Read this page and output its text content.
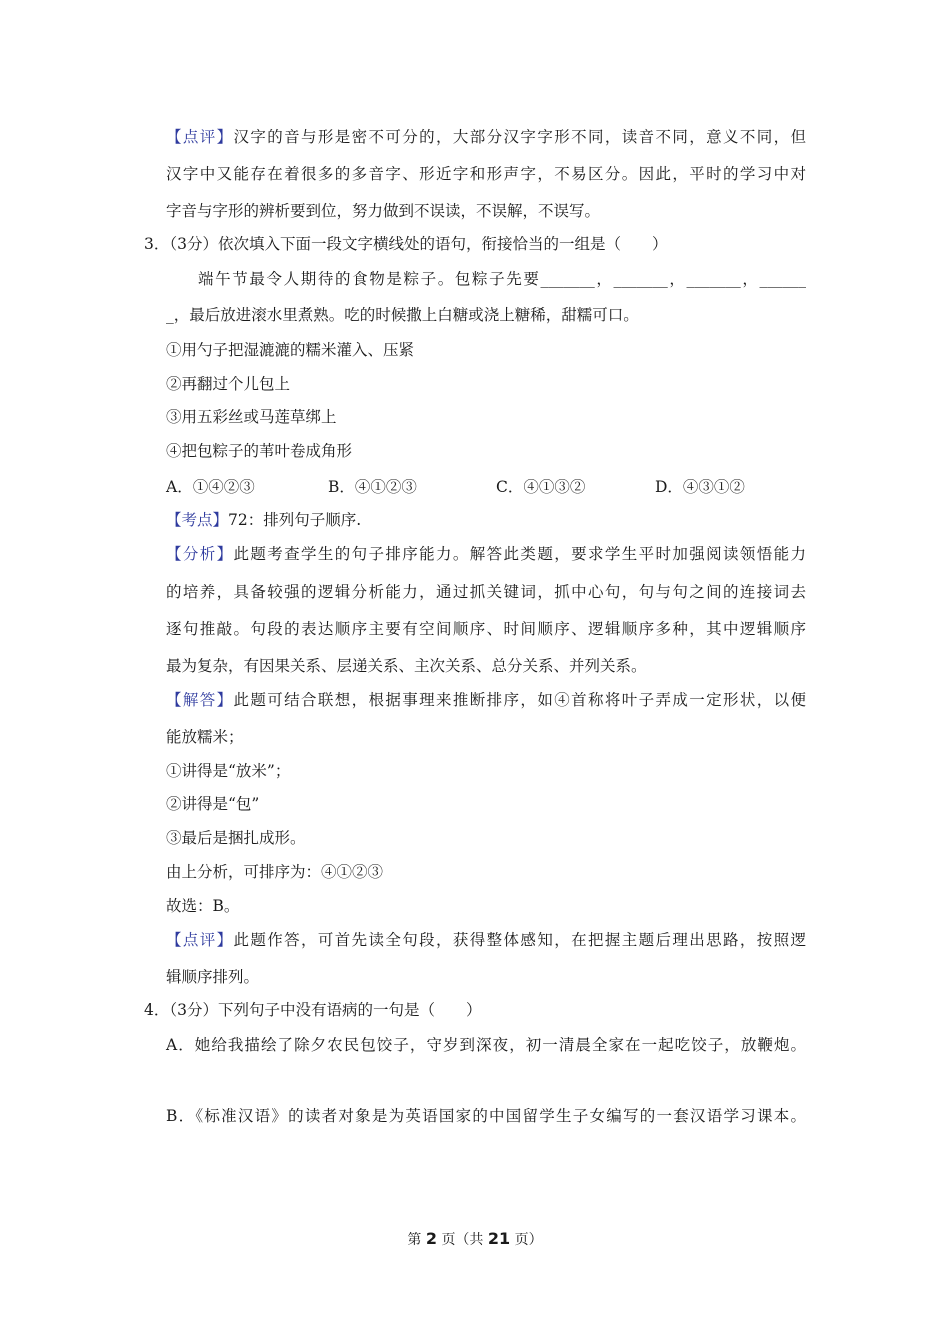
【点评】汉字的音与形是密不可分的，大部分汉字字形不同，读音不同，意义不同，但
汉字中又能存在着很多的多音字、形近字和形声字，不易区分。因此，平时的学习中对
字音与字形的辨析要到位，努力做到不误读，不误解，不误写。
3．（3分）依次填入下面一段文字横线处的语句，衔接恰当的一组是（　　）
端午节最令人期待的食物是粽子。包粽子先要_______，_______，_______，______
_，最后放进滚水里煮熟。吃的时候撒上白糖或浇上糖稀，甜糯可口。
①用勺子把湿漉漉的糯米灌入、压紧
②再翻过个儿包上
③用五彩丝或马莲草绑上
④把包粽子的苇叶卷成角形
A．①④②③	B．④①②③	C．④①③②	D．④③①②
【考点】72：排列句子顺序.
【分析】此题考查学生的句子排序能力。解答此类题，要求学生平时加强阅读领悟能力
的培养，具备较强的逻辑分析能力，通过抓关键词，抓中心句，句与句之间的连接词去
逐句推敲。句段的表达顺序主要有空间顺序、时间顺序、逻辑顺序多种，其中逻辑顺序
最为复杂，有因果关系、层递关系、主次关系、总分关系、并列关系。
【解答】此题可结合联想，根据事理来推断排序，如④首称将叶子弄成一定形状，以便
能放糯米；
①讲得是“放米”；
②讲得是“包”
③最后是捆扎成形。
由上分析，可排序为：④①②③
故选：B。
【点评】此题作答，可首先读全句段，获得整体感知，在把握主题后理出思路，按照逻
辑顺序排列。
4．（3分）下列句子中没有语病的一句是（　　）
A．她给我描绘了除夕农民包饺子，守岁到深夜，初一清晨全家在一起吃饺子，放鞭炮。
B．《标准汉语》的读者对象是为英语国家的中国留学生子女编写的一套汉语学习课本。
第 2 页（共 21 页）
